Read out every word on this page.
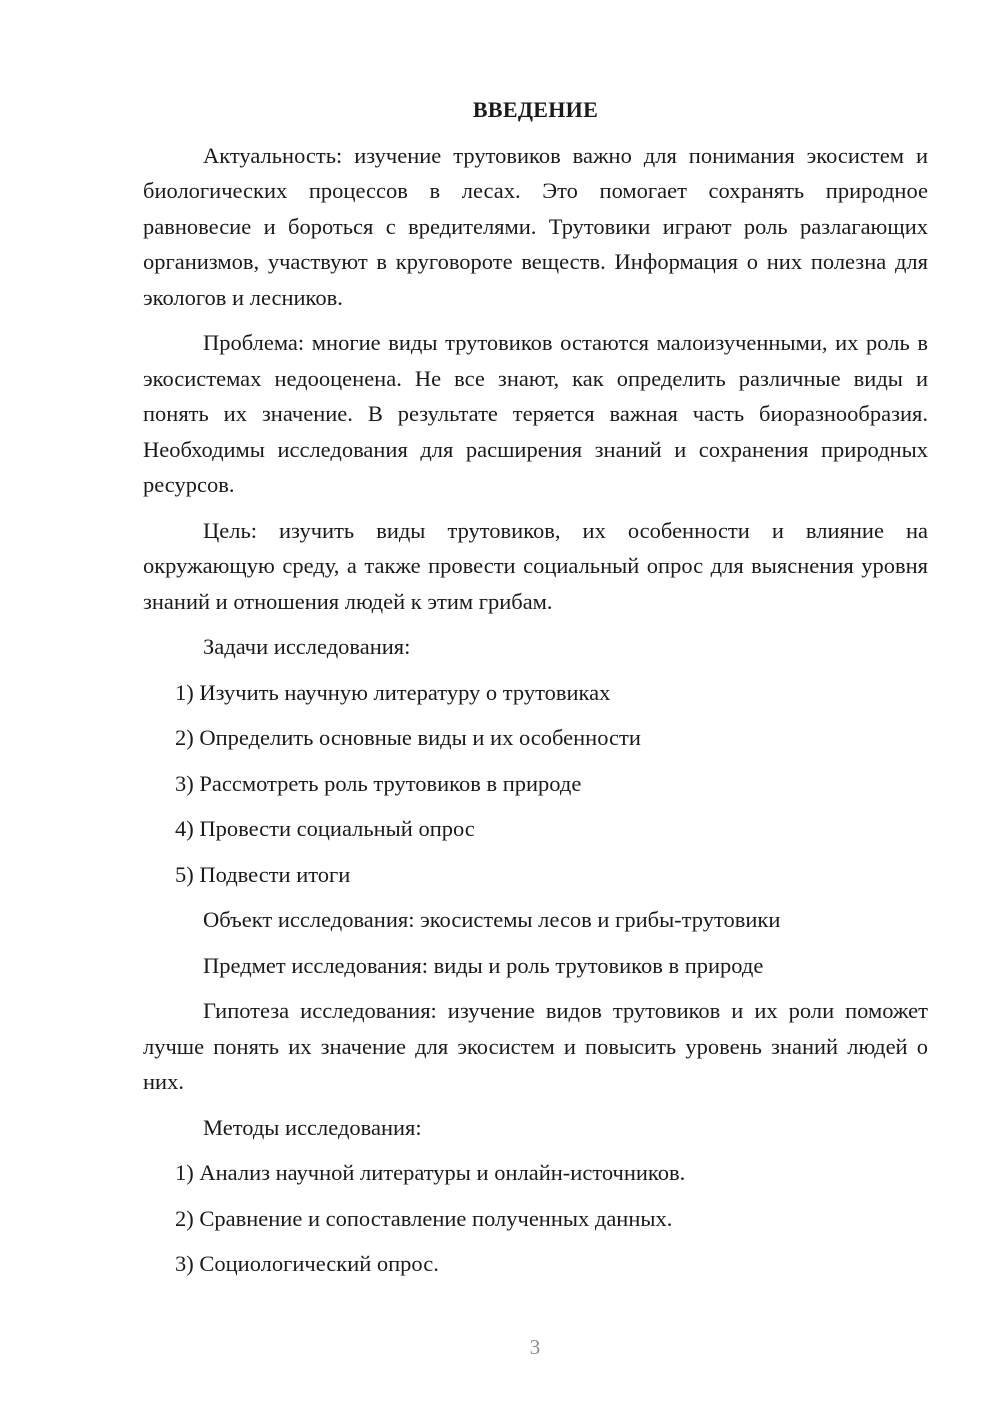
ВВЕДЕНИЕ

Актуальность: изучение трутовиков важно для понимания экосистем и биологических процессов в лесах. Это помогает сохранять природное равновесие и бороться с вредителями. Трутовики играют роль разлагающих организмов, участвуют в круговороте веществ. Информация о них полезна для экологов и лесников.

Проблема: многие виды трутовиков остаются малоизученными, их роль в экосистемах недооценена. Не все знают, как определить различные виды и понять их значение. В результате теряется важная часть биоразнообразия. Необходимы исследования для расширения знаний и сохранения природных ресурсов.

Цель: изучить виды трутовиков, их особенности и влияние на окружающую среду, а также провести социальный опрос для выяснения уровня знаний и отношения людей к этим грибам.

Задачи исследования:
1) Изучить научную литературу о трутовиках
2) Определить основные виды и их особенности
3) Рассмотреть роль трутовиков в природе
4) Провести социальный опрос
5) Подвести итоги
Объект исследования: экосистемы лесов и грибы-трутовики
Предмет исследования: виды и роль трутовиков в природе

Гипотеза исследования: изучение видов трутовиков и их роли поможет лучше понять их значение для экосистем и повысить уровень знаний людей о них.

Методы исследования:
1) Анализ научной литературы и онлайн-источников.
2) Сравнение и сопоставление полученных данных.
3) Социологический опрос.
3
